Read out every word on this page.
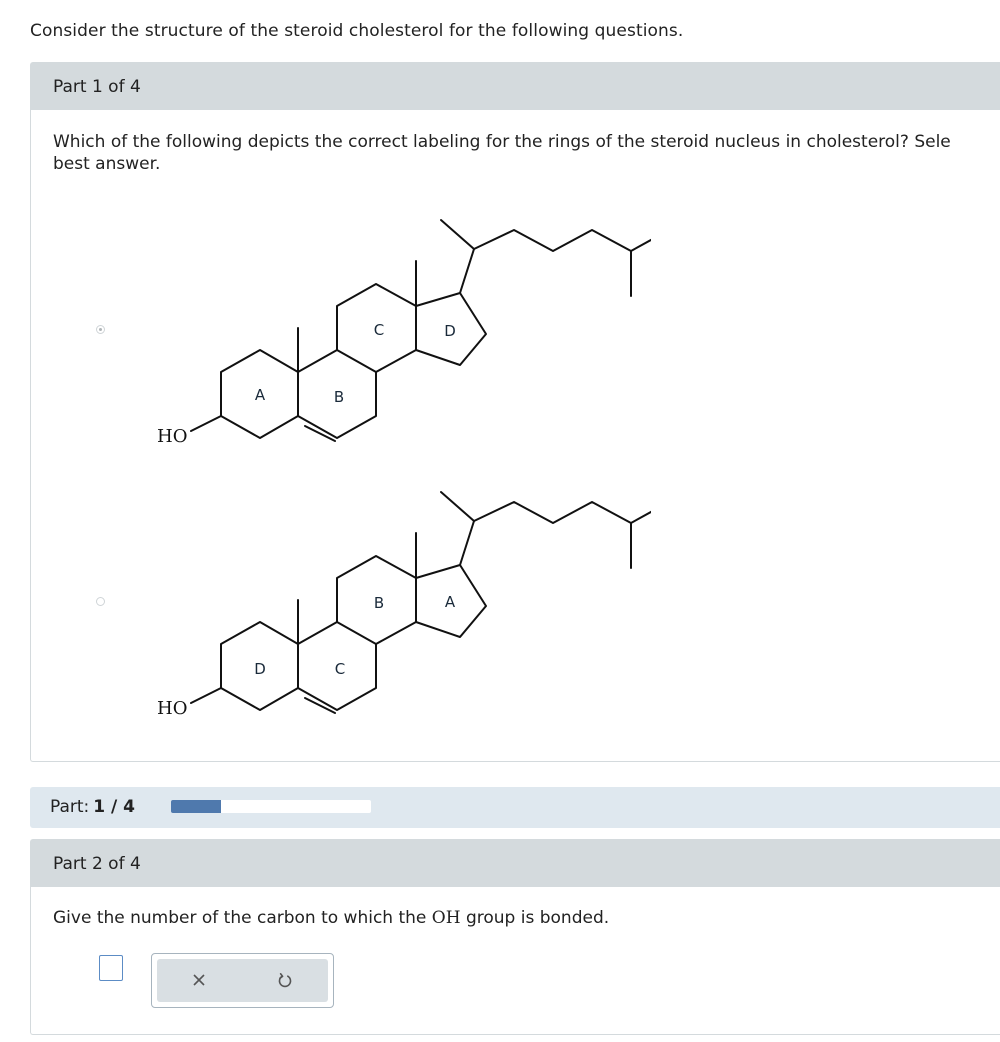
Consider the structure of the steroid cholesterol for the following questions.
Part 1 of 4
Which of the following depicts the correct labeling for the rings of the steroid nucleus in cholesterol? Sele
best answer.
HO
A	B
C	D
HO
D	C
B	A
Part: 1 / 4
Part 2 of 4
Give the number of the carbon to which the OH group is bonded.
